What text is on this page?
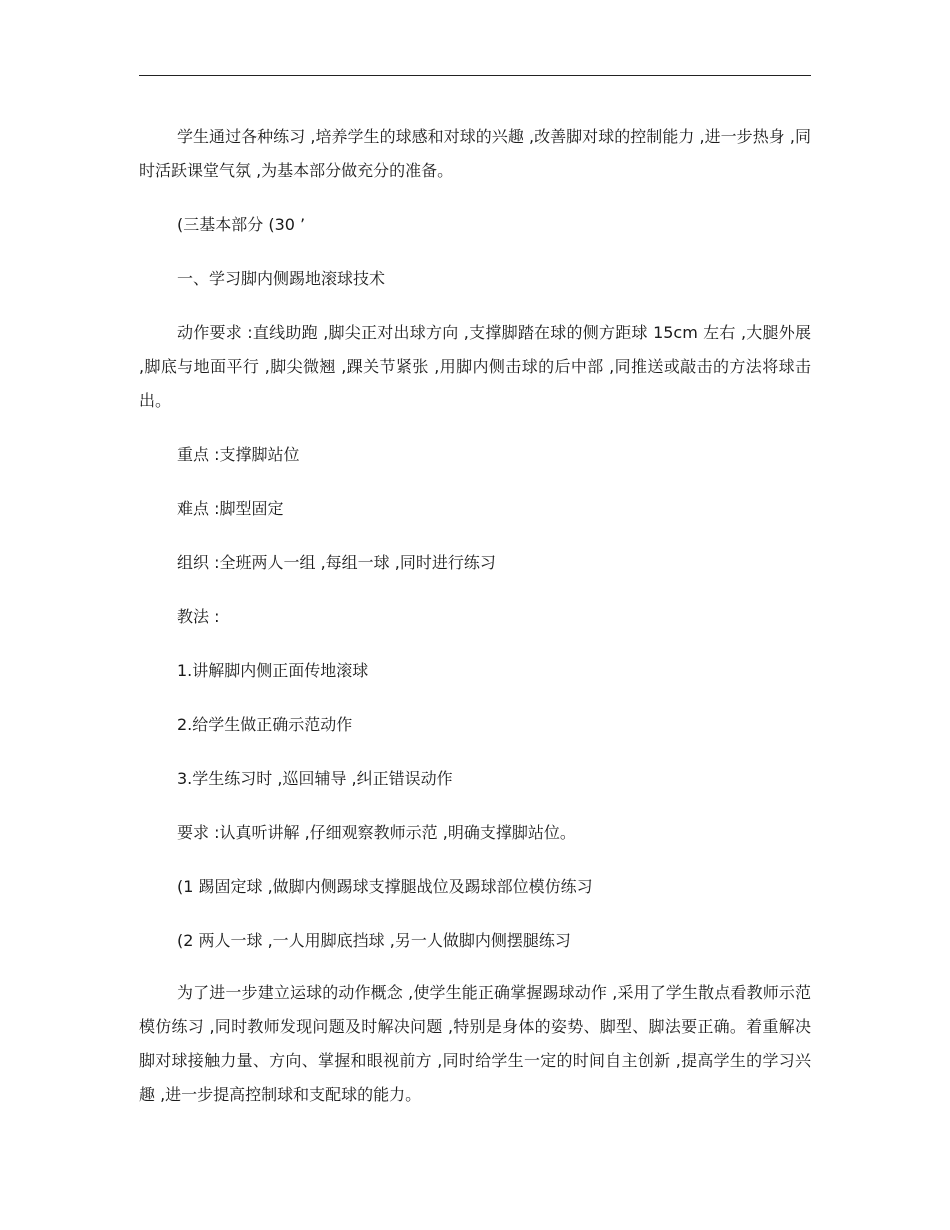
学生通过各种练习 ,培养学生的球感和对球的兴趣 ,改善脚对球的控制能力 ,进一步热身 ,同时活跃课堂气氛 ,为基本部分做充分的准备。

(三基本部分 (30 ’

一、学习脚内侧踢地滚球技术

动作要求 :直线助跑 ,脚尖正对出球方向 ,支撑脚踏在球的侧方距球 15cm 左右 ,大腿外展 ,脚底与地面平行 ,脚尖微翘 ,踝关节紧张 ,用脚内侧击球的后中部 ,同推送或敲击的方法将球击出。

重点 :支撑脚站位

难点 :脚型固定

组织 :全班两人一组 ,每组一球 ,同时进行练习

教法 :

1.讲解脚内侧正面传地滚球

2.给学生做正确示范动作

3.学生练习时 ,巡回辅导 ,纠正错误动作

要求 :认真听讲解 ,仔细观察教师示范 ,明确支撑脚站位。

(1 踢固定球 ,做脚内侧踢球支撑腿战位及踢球部位模仿练习

(2 两人一球 ,一人用脚底挡球 ,另一人做脚内侧摆腿练习

为了进一步建立运球的动作概念 ,使学生能正确掌握踢球动作 ,采用了学生散点看教师示范模仿练习 ,同时教师发现问题及时解决问题 ,特别是身体的姿势、脚型、脚法要正确。着重解决脚对球接触力量、方向、掌握和眼视前方 ,同时给学生一定的时间自主创新 ,提高学生的学习兴趣 ,进一步提高控制球和支配球的能力。
